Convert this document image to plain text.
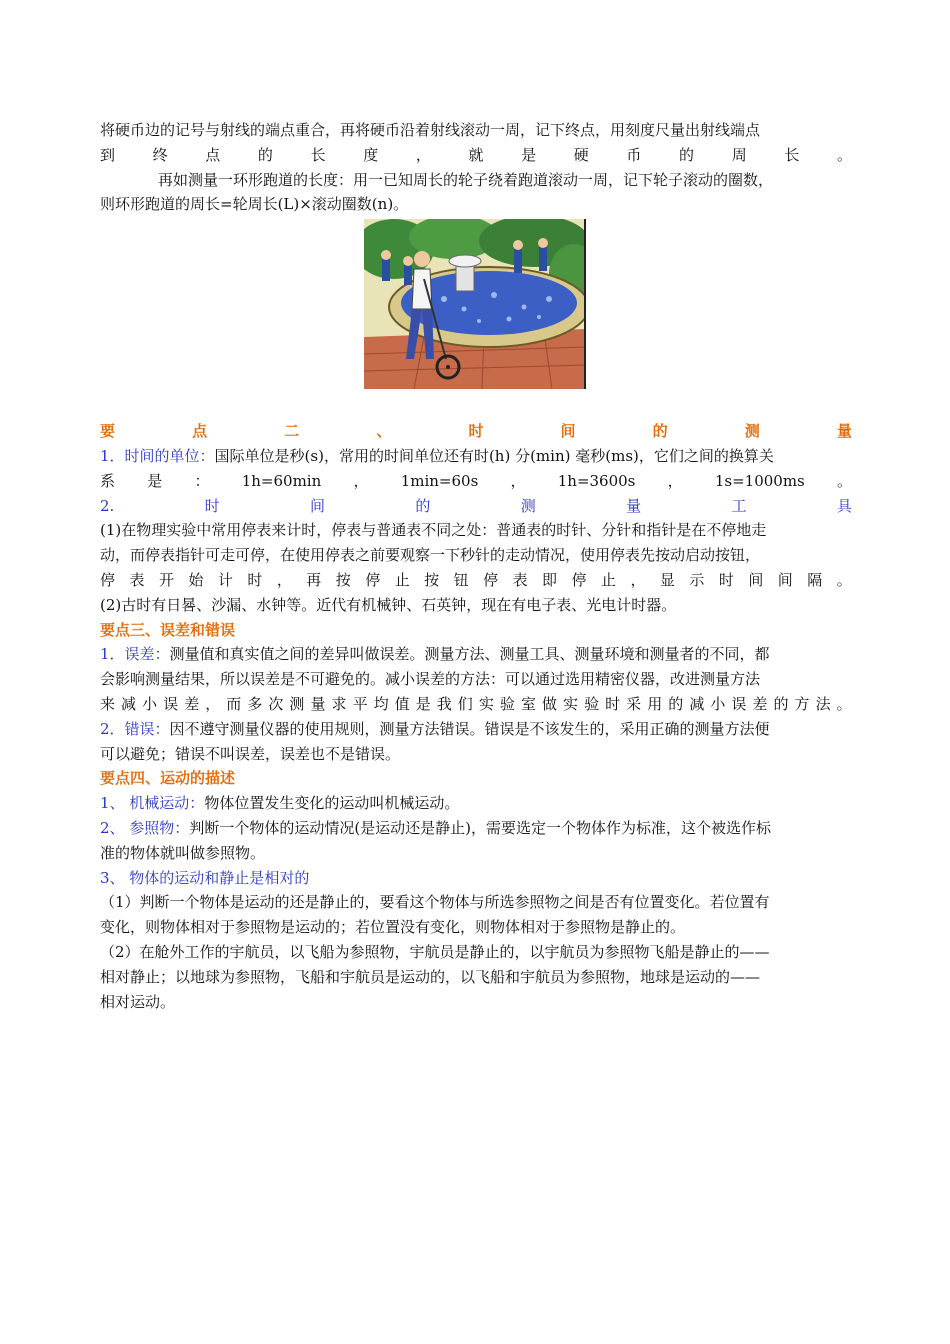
将硬币边的记号与射线的端点重合，再将硬币沿着射线滚动一周，记下终点，用刻度尺量出射线端点
到	终	点	的	长	度	，	就	是	硬	币	的	周	长	。
再如测量一环形跑道的长度：用一已知周长的轮子绕着跑道滚动一周，记下轮子滚动的圈数，
则环形跑道的周长=轮周长(L)×滚动圈数(n)。
要	点	二	、	时	间	的	测	量
1．时间的单位：国际单位是秒(s)，常用的时间单位还有时(h) 分(min) 毫秒(ms)，它们之间的换算关
系 是 ： 1h=60min ， 1min=60s ， 1h=3600s ， 1s=1000ms 。
2.	时	间	的	测	量	工	具
(1)在物理实验中常用停表来计时，停表与普通表不同之处：普通表的时针、分针和指针是在不停地走
动，而停表指针可走可停，在使用停表之前要观察一下秒针的走动情况，使用停表先按动启动按钮，
停 表 开 始 计 时 ， 再 按 停 止 按 钮 停 表 即 停 止 ， 显 示 时 间 间 隔 。
(2)古时有日晷、沙漏、水钟等。近代有机械钟、石英钟，现在有电子表、光电计时器。
要点三、误差和错误
1．误差：测量值和真实值之间的差异叫做误差。测量方法、测量工具、测量环境和测量者的不同，都
会影响测量结果，所以误差是不可避免的。减小误差的方法：可以通过选用精密仪器，改进测量方法
来 减 小 误 差 ， 而 多 次 测 量 求 平 均 值 是 我 们 实 验 室 做 实 验 时 采 用 的 减 小 误 差 的 方 法 。
2．错误：因不遵守测量仪器的使用规则，测量方法错误。错误是不该发生的，采用正确的测量方法便
可以避免；错误不叫误差，误差也不是错误。
要点四、运动的描述
1、 机械运动：物体位置发生变化的运动叫机械运动。
2、 参照物：判断一个物体的运动情况(是运动还是静止)，需要选定一个物体作为标准，这个被选作标
准的物体就叫做参照物。
3、 物体的运动和静止是相对的
（1）判断一个物体是运动的还是静止的，要看这个物体与所选参照物之间是否有位置变化。若位置有
变化，则物体相对于参照物是运动的；若位置没有变化，则物体相对于参照物是静止的。
（2）在舱外工作的宇航员，以飞船为参照物，宇航员是静止的，以宇航员为参照物飞船是静止的——
相对静止；以地球为参照物，飞船和宇航员是运动的，以飞船和宇航员为参照物，地球是运动的——
相对运动。
